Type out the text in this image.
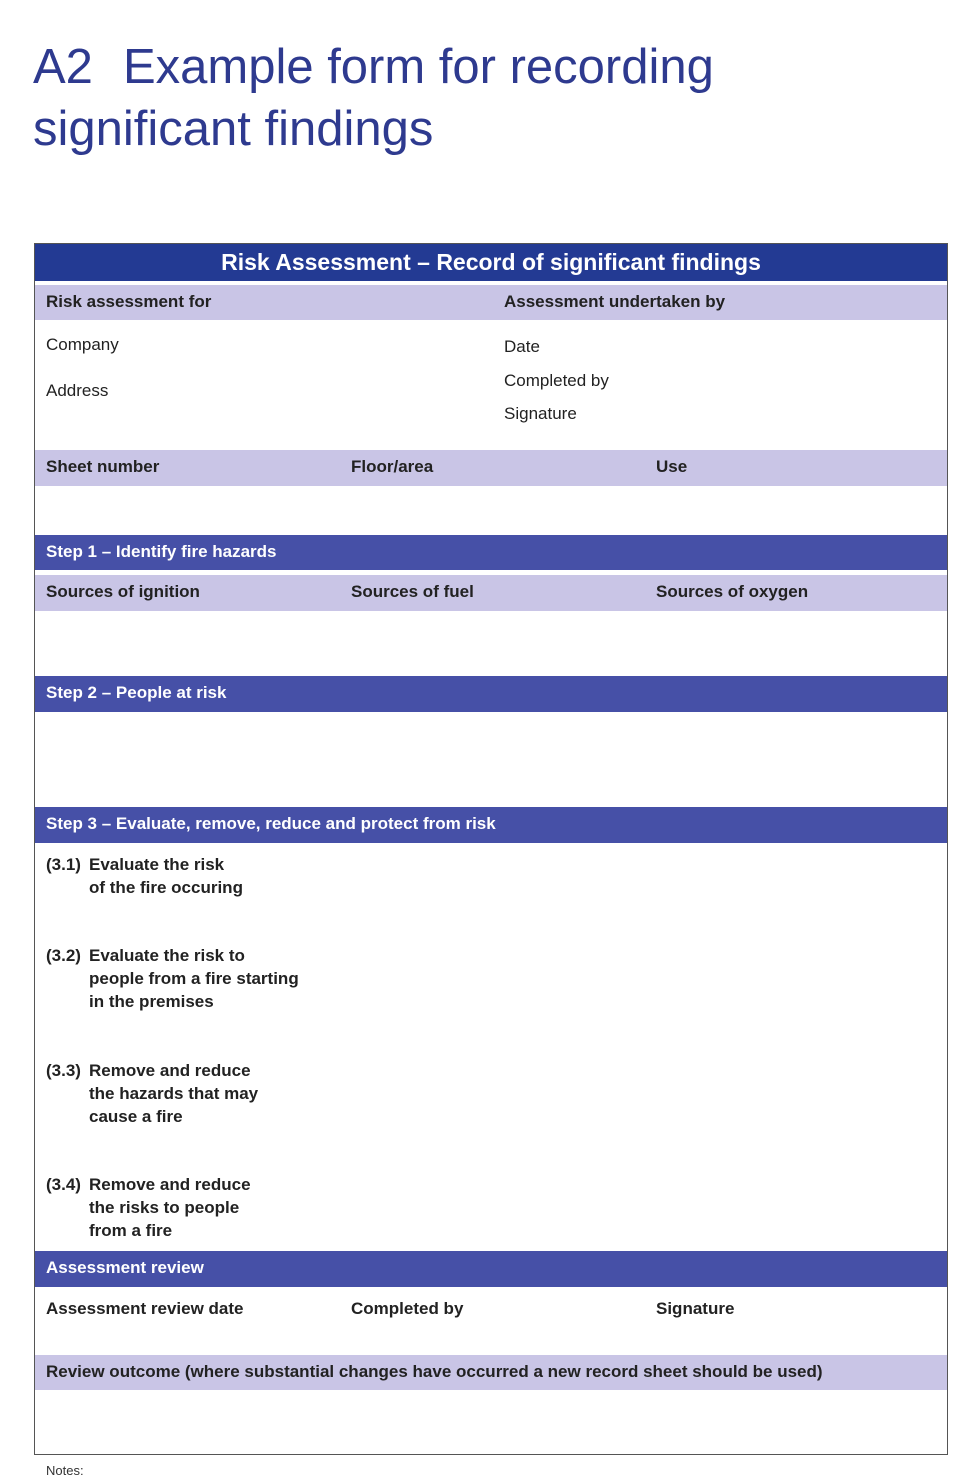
A2 Example form for recording
significant findings
Risk Assessment – Record of significant findings
Risk assessment for	Assessment undertaken by
Company
Address
Date
Completed by
Signature
Sheet number	Floor/area	Use
Step 1 – Identify fire hazards
Sources of ignition	Sources of fuel	Sources of oxygen
Step 2 – People at risk
Step 3 – Evaluate, remove, reduce and protect from risk
(3.1) Evaluate the risk
of the fire occuring
(3.2) Evaluate the risk to
people from a fire starting
in the premises
(3.3) Remove and reduce
the hazards that may
cause a fire
(3.4) Remove and reduce
the risks to people
from a fire
Assessment review
Assessment review date	Completed by	Signature
Review outcome (where substantial changes have occurred a new record sheet should be used)
Notes:
